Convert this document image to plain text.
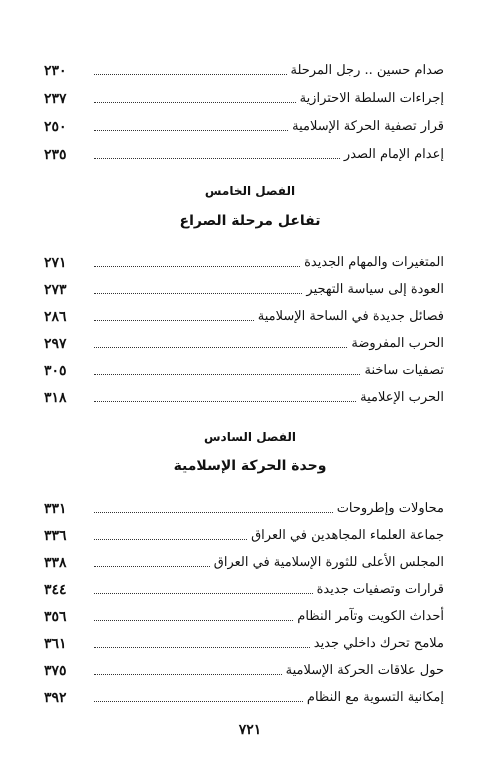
صدام حسين .. رجل المرحلة
٢٣٠
إجراءات السلطة الاحترازية
٢٣٧
قرار تصفية الحركة الإسلامية
٢٥٠
إعدام الإمام الصدر
٢٣٥
الفصل الخامس
تفاعل مرحلة الصراع
المتغيرات والمهام الجديدة
٢٧١
العودة إلى سياسة التهجير
٢٧٣
فصائل جديدة في الساحة الإسلامية
٢٨٦
الحرب المفروضة
٢٩٧
تصفيات ساخنة
٣٠٥
الحرب الإعلامية
٣١٨
الفصل السادس
وحدة الحركة الإسلامية
محاولات وإطروحات
٣٣١
جماعة العلماء المجاهدين في العراق
٣٣٦
المجلس الأعلى للثورة الإسلامية في العراق
٣٣٨
قرارات وتصفيات جديدة
٣٤٤
أحداث الكويت وتآمر النظام
٣٥٦
ملامح تحرك داخلي جديد
٣٦١
حول علاقات الحركة الإسلامية
٣٧٥
إمكانية التسوية مع النظام
٣٩٢
٧٢١
